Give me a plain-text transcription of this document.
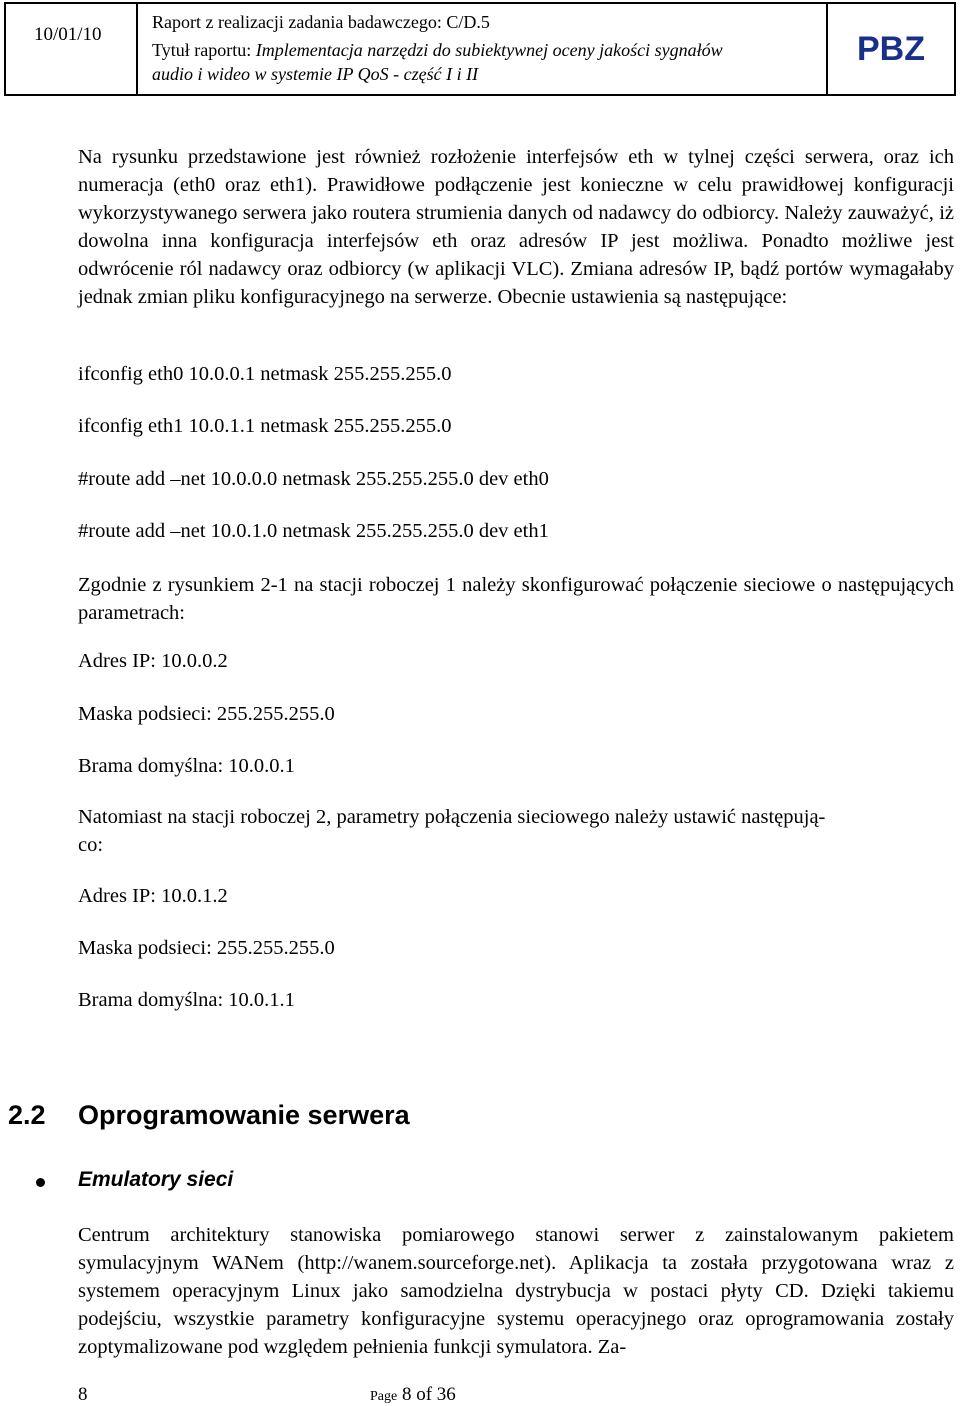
10/01/10
Raport z realizacji zadania badawczego: C/D.5
Tytuł raportu: Implementacja narzędzi do subiektywnej oceny jakości sygnałów
audio i wideo w systemie IP QoS - część I i II
PBZ
Na rysunku przedstawione jest również rozłożenie interfejsów eth w tylnej części serwera, oraz ich numeracja (eth0 oraz eth1). Prawidłowe podłączenie jest konieczne w celu prawidłowej konfiguracji wykorzystywanego serwera jako routera strumienia danych od nadawcy do odbiorcy. Należy zauważyć, iż dowolna inna konfiguracja interfejsów eth oraz adresów IP jest możliwa. Ponadto możliwe jest odwrócenie ról nadawcy oraz odbiorcy (w aplikacji VLC). Zmiana adresów IP, bądź portów wymagałaby jednak zmian pliku konfiguracyjnego na serwerze. Obecnie ustawienia są następujące:
ifconfig eth0 10.0.0.1 netmask 255.255.255.0
ifconfig eth1 10.0.1.1 netmask 255.255.255.0
#route add –net 10.0.0.0 netmask 255.255.255.0 dev eth0
#route add –net 10.0.1.0 netmask 255.255.255.0 dev eth1
Zgodnie z rysunkiem 2-1 na stacji roboczej 1 należy skonfigurować połączenie sieciowe o następujących parametrach:
Adres IP: 10.0.0.2
Maska podsieci: 255.255.255.0
Brama domyślna: 10.0.0.1
Natomiast na stacji roboczej 2, parametry połączenia sieciowego należy ustawić następują-
co:
Adres IP: 10.0.1.2
Maska podsieci: 255.255.255.0
Brama domyślna: 10.0.1.1
2.2 Oprogramowanie serwera
Emulatory sieci
Centrum architektury stanowiska pomiarowego stanowi serwer z zainstalowanym pakietem symulacyjnym WANem (http://wanem.sourceforge.net). Aplikacja ta została przygotowana wraz z systemem operacyjnym Linux jako samodzielna dystrybucja w postaci płyty CD. Dzięki takiemu podejściu, wszystkie parametry konfiguracyjne systemu operacyjnego oraz oprogramowania zostały zoptymalizowane pod względem pełnienia funkcji symulatora. Za-
8	Page 8 of 36
